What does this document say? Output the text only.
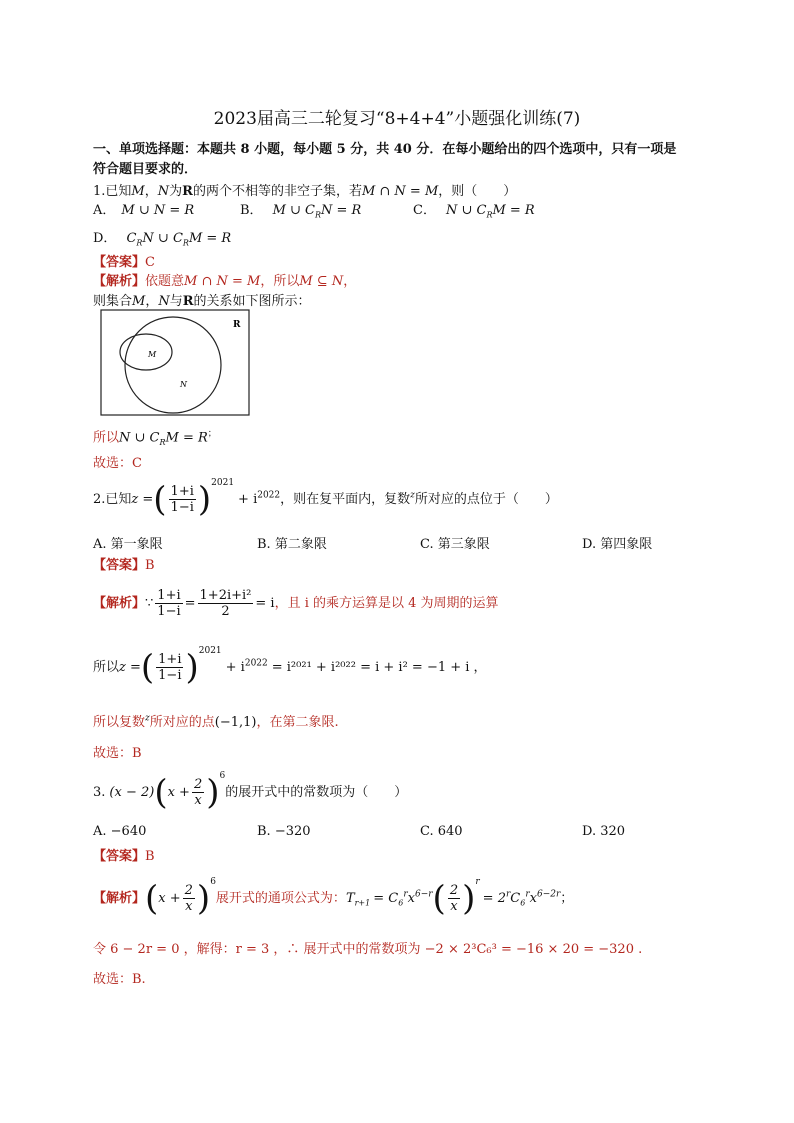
2023届高三二轮复习“8+4+4”小题强化训练(7)
一、单项选择题：本题共 8 小题，每小题 5 分，共 40 分．在每小题给出的四个选项中，只有一项是
符合题目要求的．
1.已知M，N为R的两个不相等的非空子集，若M ∩ N = M，则（　　）
A． M ∪ N = R	B． M ∪ $C_RN = R$	C． N ∪ $C_RM = R$
D． $C_RN$ ∪ $C_RM = R$
【答案】C
【解析】依题意M ∩ N = M，所以M ⊆ N，
则集合M，N与R的关系如下图所示：
R
M
N
所以N ∪ $C_RM = R^;$
故选：C
2.已知z =( $\frac{1+i}{1-i} )^{2021}+ i^{2022}$，则在复平面内，复数$^z$所对应的点位于（　　）
A. 第一象限	B. 第二象限	C. 第三象限	D. 第四象限
【答案】B
【解析】∵ $\frac{1+i}{1-i} = \frac{\text{1+2i+i²}}{2} = i$，且 i 的乘方运算是以 4 为周期的运算
所以z =( $\frac{1+i}{1-i} )^{2021}+ i^{2022} = i^{2021} + i^{2022} = i + i^2 = -1 + i$ ，
所以复数$^z$所对应的点(−1,1)，在第二象限.
故选：B
3. $(x - 2)(x + \frac{2}{x} )^6$的展开式中的常数项为（　　）
A. −640	B. −320	C. 640	D. 320
【答案】B
【解析】$(x + \frac{2}{x} )^6$展开式的通项公式为：$T_{r+1} = C_6^rx^{6-r}( \frac{2}{x} )^r= 2^rC_6^rx^{6-2r}$；
令 6 − 2r = 0 ，解得：r = 3 ，∴ 展开式中的常数项为 −2 × 2³C₆³ = −16 × 20 = −320 .
故选：B.
